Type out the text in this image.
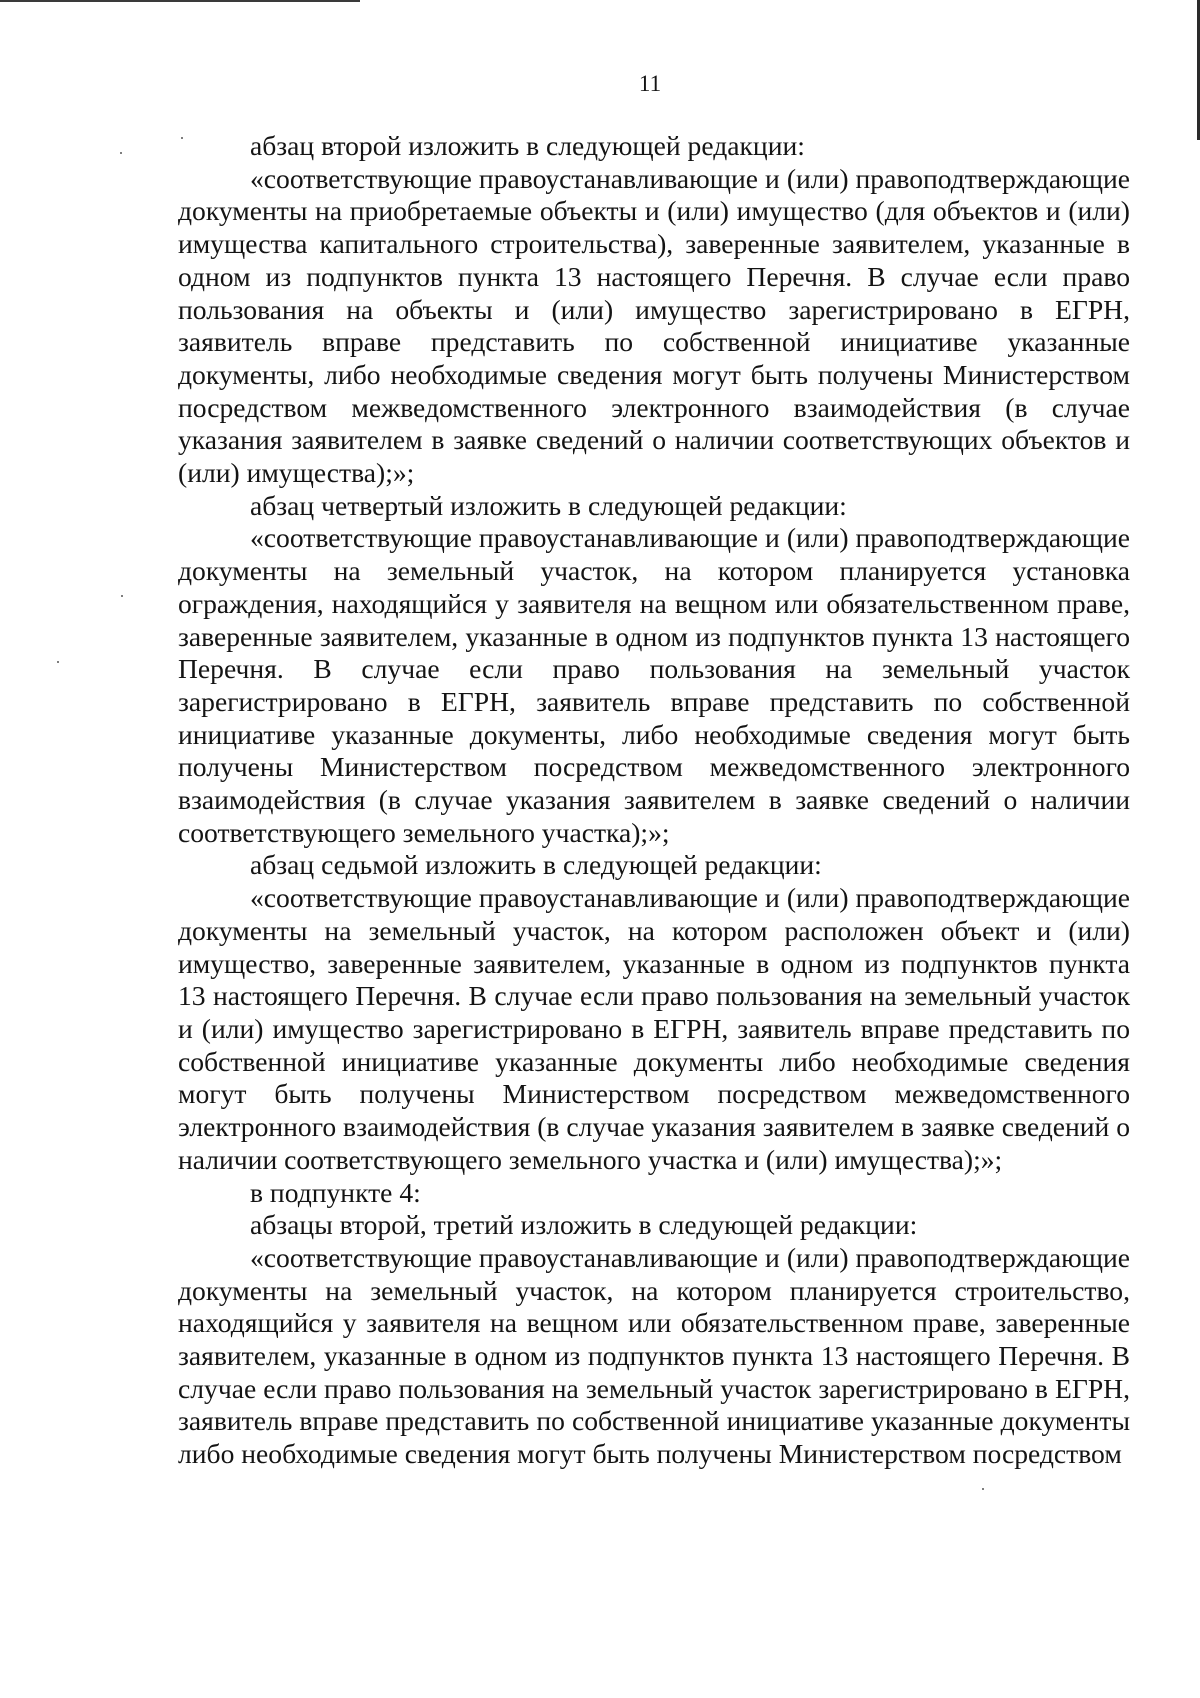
11

абзац второй изложить в следующей редакции:

«соответствующие правоустанавливающие и (или) правоподтверждающие документы на приобретаемые объекты и (или) имущество (для объектов и (или) имущества капитального строительства), заверенные заявителем, указанные в одном из подпунктов пункта 13 настоящего Перечня. В случае если право пользования на объекты и (или) имущество зарегистрировано в ЕГРН, заявитель вправе представить по собственной инициативе указанные документы, либо необходимые сведения могут быть получены Министерством посредством межведомственного электронного взаимодействия (в случае указания заявителем в заявке сведений о наличии соответствующих объектов и (или) имущества);»;

абзац четвертый изложить в следующей редакции:

«соответствующие правоустанавливающие и (или) правоподтверждающие документы на земельный участок, на котором планируется установка ограждения, находящийся у заявителя на вещном или обязательственном праве, заверенные заявителем, указанные в одном из подпунктов пункта 13 настоящего Перечня. В случае если право пользования на земельный участок зарегистрировано в ЕГРН, заявитель вправе представить по собственной инициативе указанные документы, либо необходимые сведения могут быть получены Министерством посредством межведомственного электронного взаимодействия (в случае указания заявителем в заявке сведений о наличии соответствующего земельного участка);»;

абзац седьмой изложить в следующей редакции:

«соответствующие правоустанавливающие и (или) правоподтверждающие документы на земельный участок, на котором расположен объект и (или) имущество, заверенные заявителем, указанные в одном из подпунктов пункта 13 настоящего Перечня. В случае если право пользования на земельный участок и (или) имущество зарегистрировано в ЕГРН, заявитель вправе представить по собственной инициативе указанные документы либо необходимые сведения могут быть получены Министерством посредством межведомственного электронного взаимодействия (в случае указания заявителем в заявке сведений о наличии соответствующего земельного участка и (или) имущества);»;

в подпункте 4:

абзацы второй, третий изложить в следующей редакции:

«соответствующие правоустанавливающие и (или) правоподтверждающие документы на земельный участок, на котором планируется строительство, находящийся у заявителя на вещном или обязательственном праве, заверенные заявителем, указанные в одном из подпунктов пункта 13 настоящего Перечня. В случае если право пользования на земельный участок зарегистрировано в ЕГРН, заявитель вправе представить по собственной инициативе указанные документы либо необходимые сведения могут быть получены Министерством посредством
